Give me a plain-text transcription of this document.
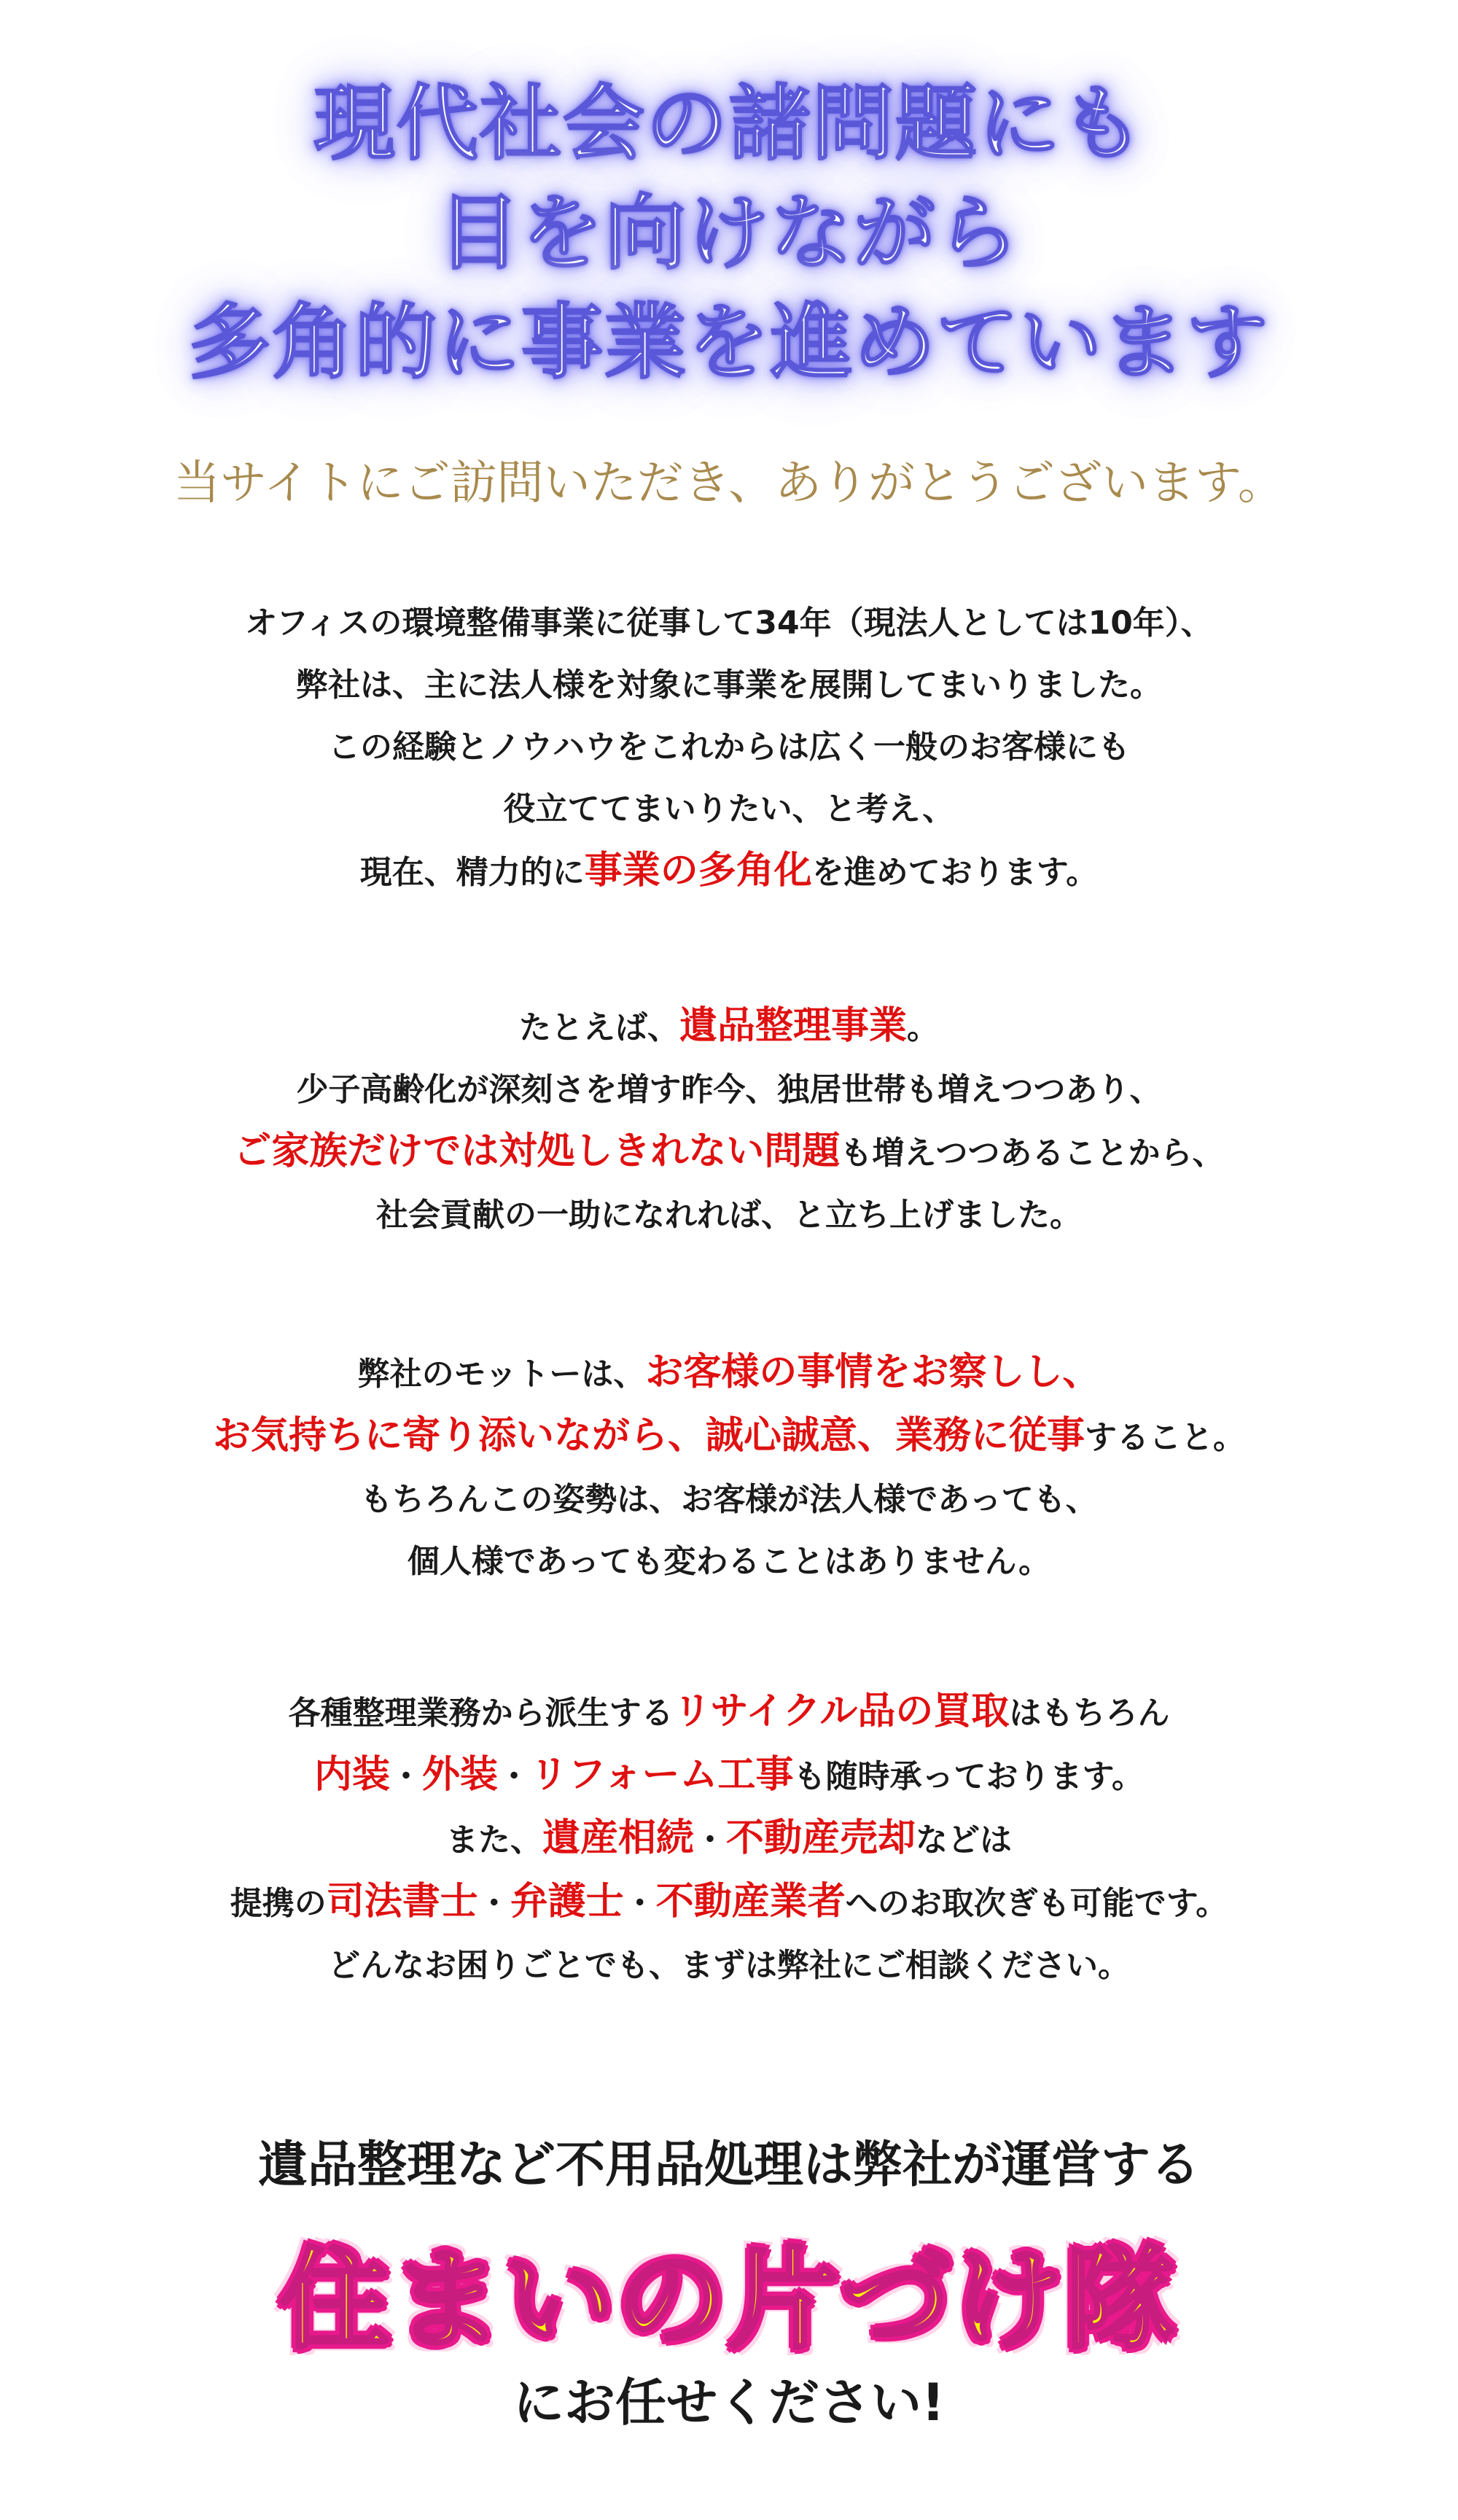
現代社会の諸問題にも
目を向けながら
多角的に事業を進めています
当サイトにご訪問いただき、ありがとうございます。
オフィスの環境整備事業に従事して34年（現法人としては10年）、
弊社は、主に法人様を対象に事業を展開してまいりました。
この経験とノウハウをこれからは広く一般のお客様にも
役立ててまいりたい、と考え、
現在、精力的に事業の多角化を進めております。
たとえば、遺品整理事業。
少子高齢化が深刻さを増す昨今、独居世帯も増えつつあり、
ご家族だけでは対処しきれない問題も増えつつあることから、
社会貢献の一助になれれば、と立ち上げました。
弊社のモットーは、お客様の事情をお察しし、
お気持ちに寄り添いながら、誠心誠意、業務に従事すること。
もちろんこの姿勢は、お客様が法人様であっても、
個人様であっても変わることはありません。
各種整理業務から派生するリサイクル品の買取はもちろん
内装・外装・リフォーム工事も随時承っております。
また、遺産相続・不動産売却などは
提携の司法書士・弁護士・不動産業者へのお取次ぎも可能です。
どんなお困りごとでも、まずは弊社にご相談ください。
遺品整理など不用品処理は弊社が運営する
住まいの片づけ隊
にお任せください!
